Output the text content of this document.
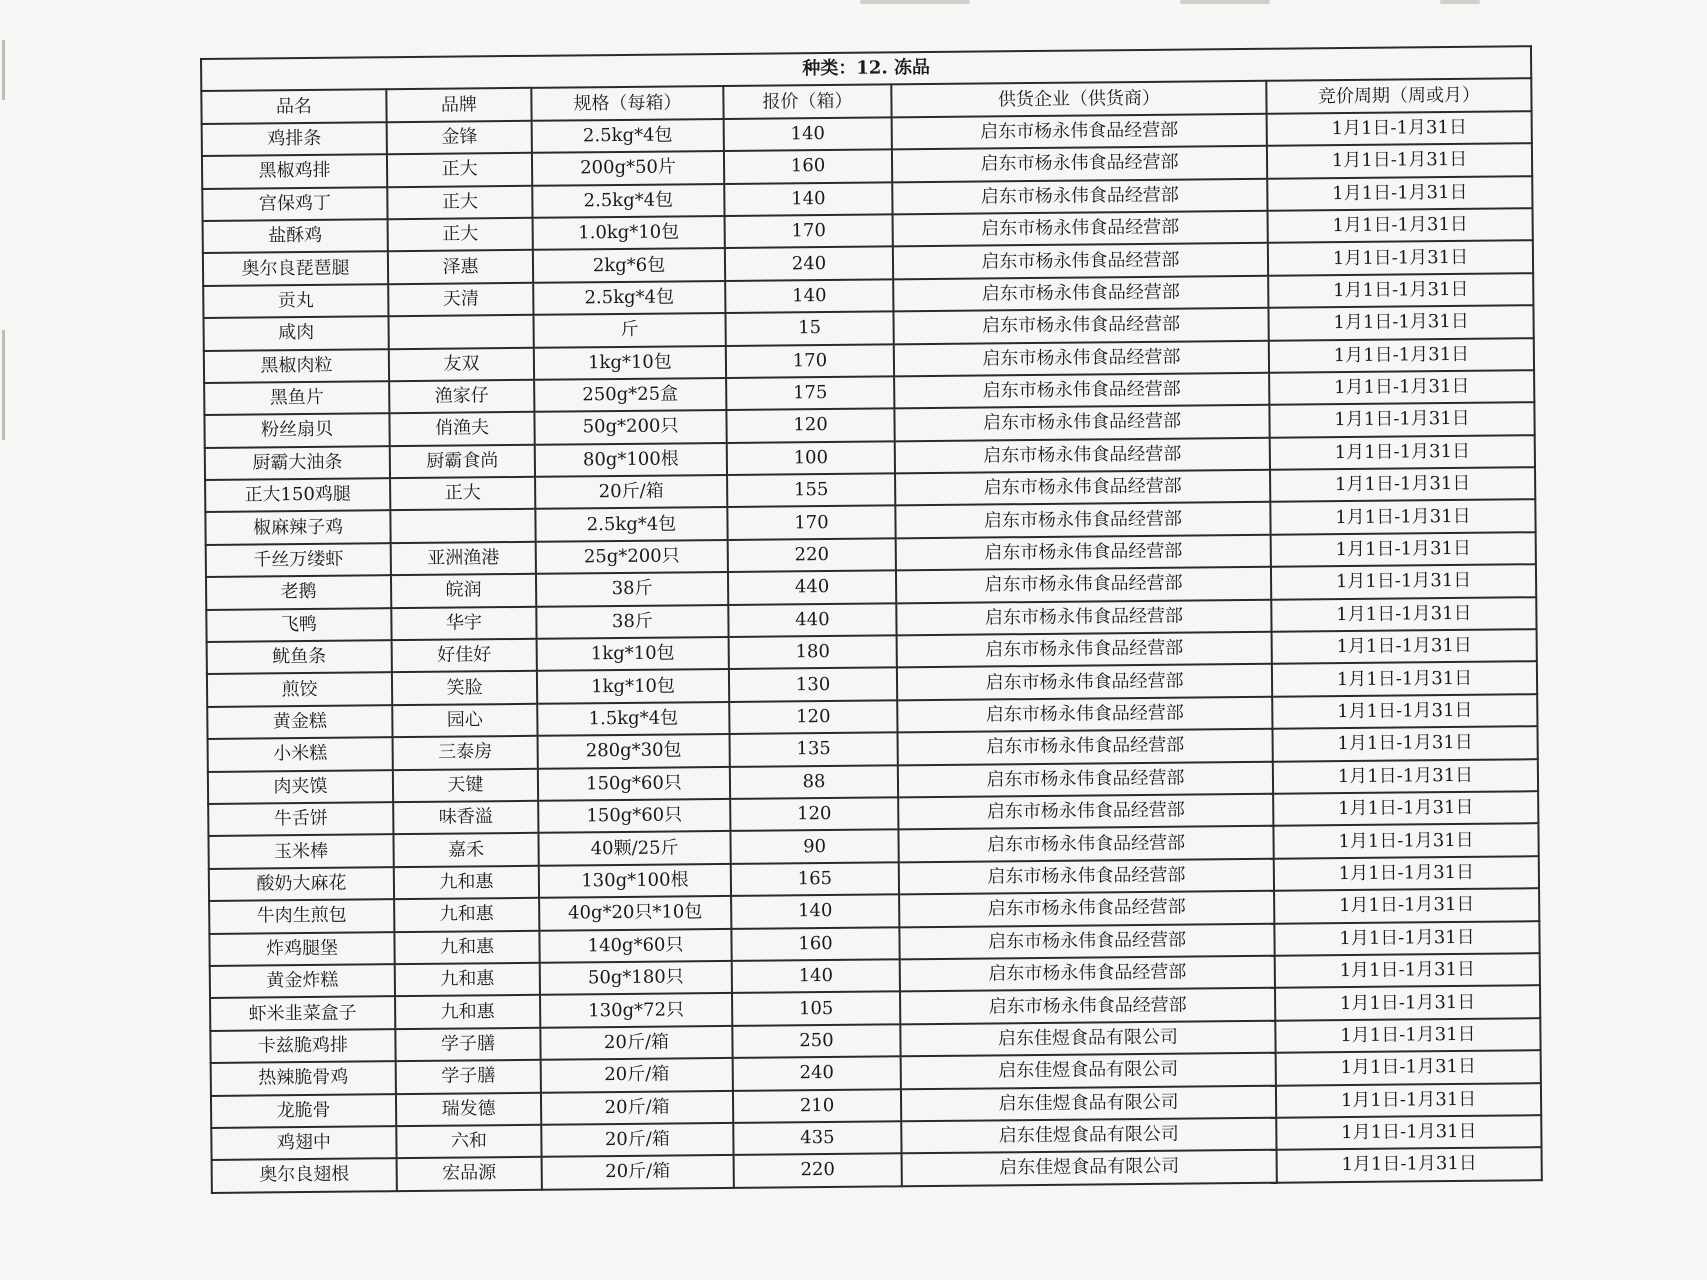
种类：12. 冻品					
品名	品牌	规格（每箱）	报价（箱）	供货企业（供货商）	竞价周期（周或月）
鸡排条	金锋	2.5kg*4包	140	启东市杨永伟食品经营部	1月1日-1月31日
黑椒鸡排	正大	200g*50片	160	启东市杨永伟食品经营部	1月1日-1月31日
宫保鸡丁	正大	2.5kg*4包	140	启东市杨永伟食品经营部	1月1日-1月31日
盐酥鸡	正大	1.0kg*10包	170	启东市杨永伟食品经营部	1月1日-1月31日
奥尔良琵琶腿	泽惠	2kg*6包	240	启东市杨永伟食品经营部	1月1日-1月31日
贡丸	天清	2.5kg*4包	140	启东市杨永伟食品经营部	1月1日-1月31日
咸肉		斤	15	启东市杨永伟食品经营部	1月1日-1月31日
黑椒肉粒	友双	1kg*10包	170	启东市杨永伟食品经营部	1月1日-1月31日
黑鱼片	渔家仔	250g*25盒	175	启东市杨永伟食品经营部	1月1日-1月31日
粉丝扇贝	俏渔夫	50g*200只	120	启东市杨永伟食品经营部	1月1日-1月31日
厨霸大油条	厨霸食尚	80g*100根	100	启东市杨永伟食品经营部	1月1日-1月31日
正大150鸡腿	正大	20斤/箱	155	启东市杨永伟食品经营部	1月1日-1月31日
椒麻辣子鸡		2.5kg*4包	170	启东市杨永伟食品经营部	1月1日-1月31日
千丝万缕虾	亚洲渔港	25g*200只	220	启东市杨永伟食品经营部	1月1日-1月31日
老鹅	皖润	38斤	440	启东市杨永伟食品经营部	1月1日-1月31日
飞鸭	华宇	38斤	440	启东市杨永伟食品经营部	1月1日-1月31日
鱿鱼条	好佳好	1kg*10包	180	启东市杨永伟食品经营部	1月1日-1月31日
煎饺	笑脸	1kg*10包	130	启东市杨永伟食品经营部	1月1日-1月31日
黄金糕	园心	1.5kg*4包	120	启东市杨永伟食品经营部	1月1日-1月31日
小米糕	三泰房	280g*30包	135	启东市杨永伟食品经营部	1月1日-1月31日
肉夹馍	天键	150g*60只	88	启东市杨永伟食品经营部	1月1日-1月31日
牛舌饼	味香溢	150g*60只	120	启东市杨永伟食品经营部	1月1日-1月31日
玉米棒	嘉禾	40颗/25斤	90	启东市杨永伟食品经营部	1月1日-1月31日
酸奶大麻花	九和惠	130g*100根	165	启东市杨永伟食品经营部	1月1日-1月31日
牛肉生煎包	九和惠	40g*20只*10包	140	启东市杨永伟食品经营部	1月1日-1月31日
炸鸡腿堡	九和惠	140g*60只	160	启东市杨永伟食品经营部	1月1日-1月31日
黄金炸糕	九和惠	50g*180只	140	启东市杨永伟食品经营部	1月1日-1月31日
虾米韭菜盒子	九和惠	130g*72只	105	启东市杨永伟食品经营部	1月1日-1月31日
卡兹脆鸡排	学子膳	20斤/箱	250	启东佳煜食品有限公司	1月1日-1月31日
热辣脆骨鸡	学子膳	20斤/箱	240	启东佳煜食品有限公司	1月1日-1月31日
龙脆骨	瑞发德	20斤/箱	210	启东佳煜食品有限公司	1月1日-1月31日
鸡翅中	六和	20斤/箱	435	启东佳煜食品有限公司	1月1日-1月31日
奥尔良翅根	宏品源	20斤/箱	220	启东佳煜食品有限公司	1月1日-1月31日
